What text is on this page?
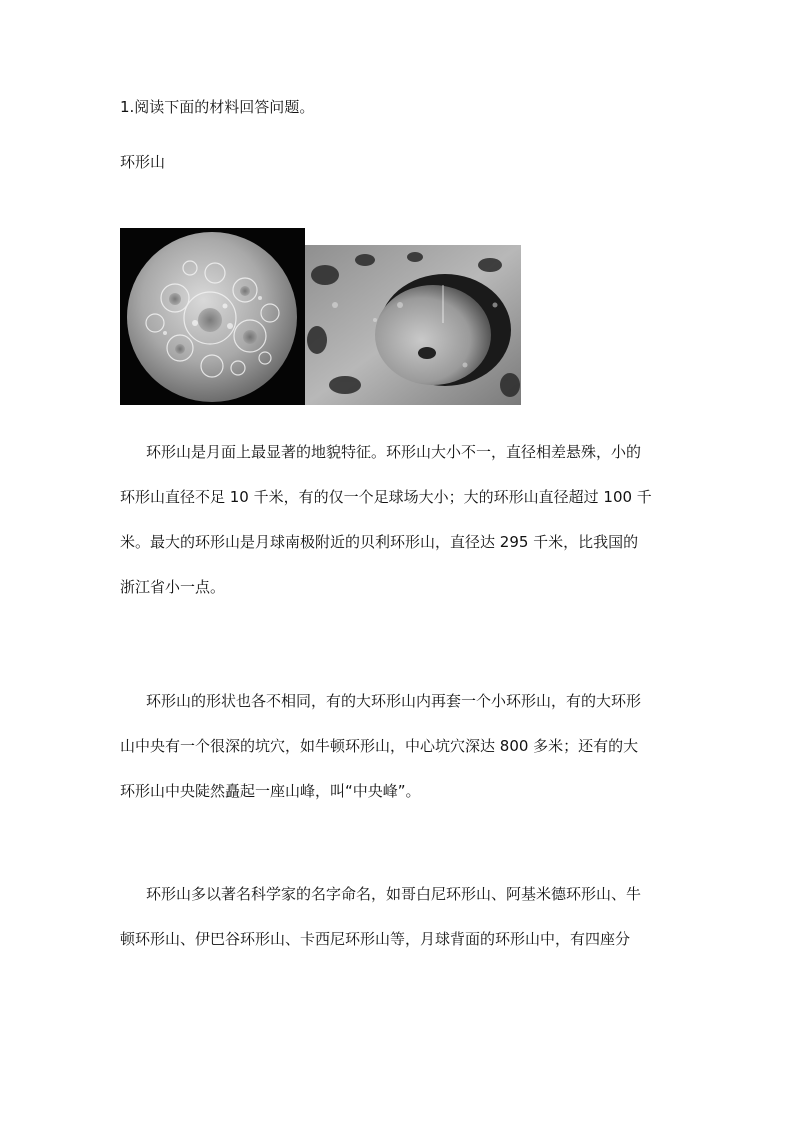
1.阅读下面的材料回答问题。
环形山
环形山是月面上最显著的地貌特征。环形山大小不一，直径相差悬殊，小的
环形山直径不足 10 千米，有的仅一个足球场大小；大的环形山直径超过 100 千
米。最大的环形山是月球南极附近的贝利环形山，直径达 295 千米，比我国的
浙江省小一点。
环形山的形状也各不相同，有的大环形山内再套一个小环形山，有的大环形
山中央有一个很深的坑穴，如牛顿环形山，中心坑穴深达 800 多米；还有的大
环形山中央陡然矗起一座山峰，叫“中央峰”。
环形山多以著名科学家的名字命名，如哥白尼环形山、阿基米德环形山、牛
顿环形山、伊巴谷环形山、卡西尼环形山等，月球背面的环形山中，有四座分
